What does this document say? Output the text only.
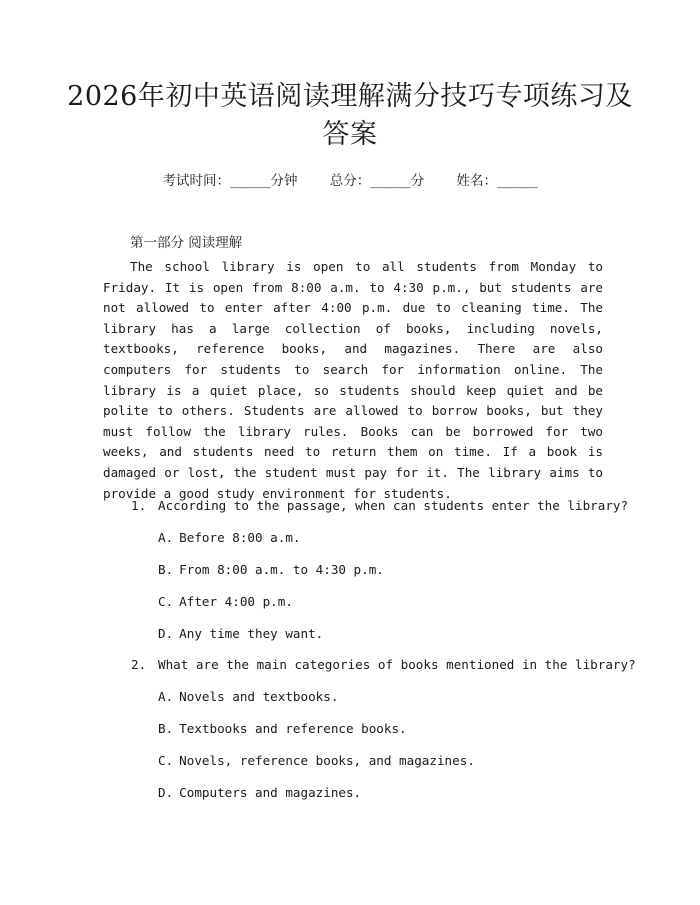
2026年初中英语阅读理解满分技巧专项练习及答案
考试时间：______分钟 总分：______分 姓名：______
第一部分 阅读理解

The school library is open to all students from Monday to Friday. It is open from 8:00 a.m. to 4:30 p.m., but students are not allowed to enter after 4:00 p.m. due to cleaning time. The library has a large collection of books, including novels, textbooks, reference books, and magazines. There are also computers for students to search for information online. The library is a quiet place, so students should keep quiet and be polite to others. Students are allowed to borrow books, but they must follow the library rules. Books can be borrowed for two weeks, and students need to return them on time. If a book is damaged or lost, the student must pay for it. The library aims to provide a good study environment for students.

1. According to the passage, when can students enter the library?
A. Before 8:00 a.m.
B. From 8:00 a.m. to 4:30 p.m.
C. After 4:00 p.m.
D. Any time they want.
2. What are the main categories of books mentioned in the library?
A. Novels and textbooks.
B. Textbooks and reference books.
C. Novels, reference books, and magazines.
D. Computers and magazines.
